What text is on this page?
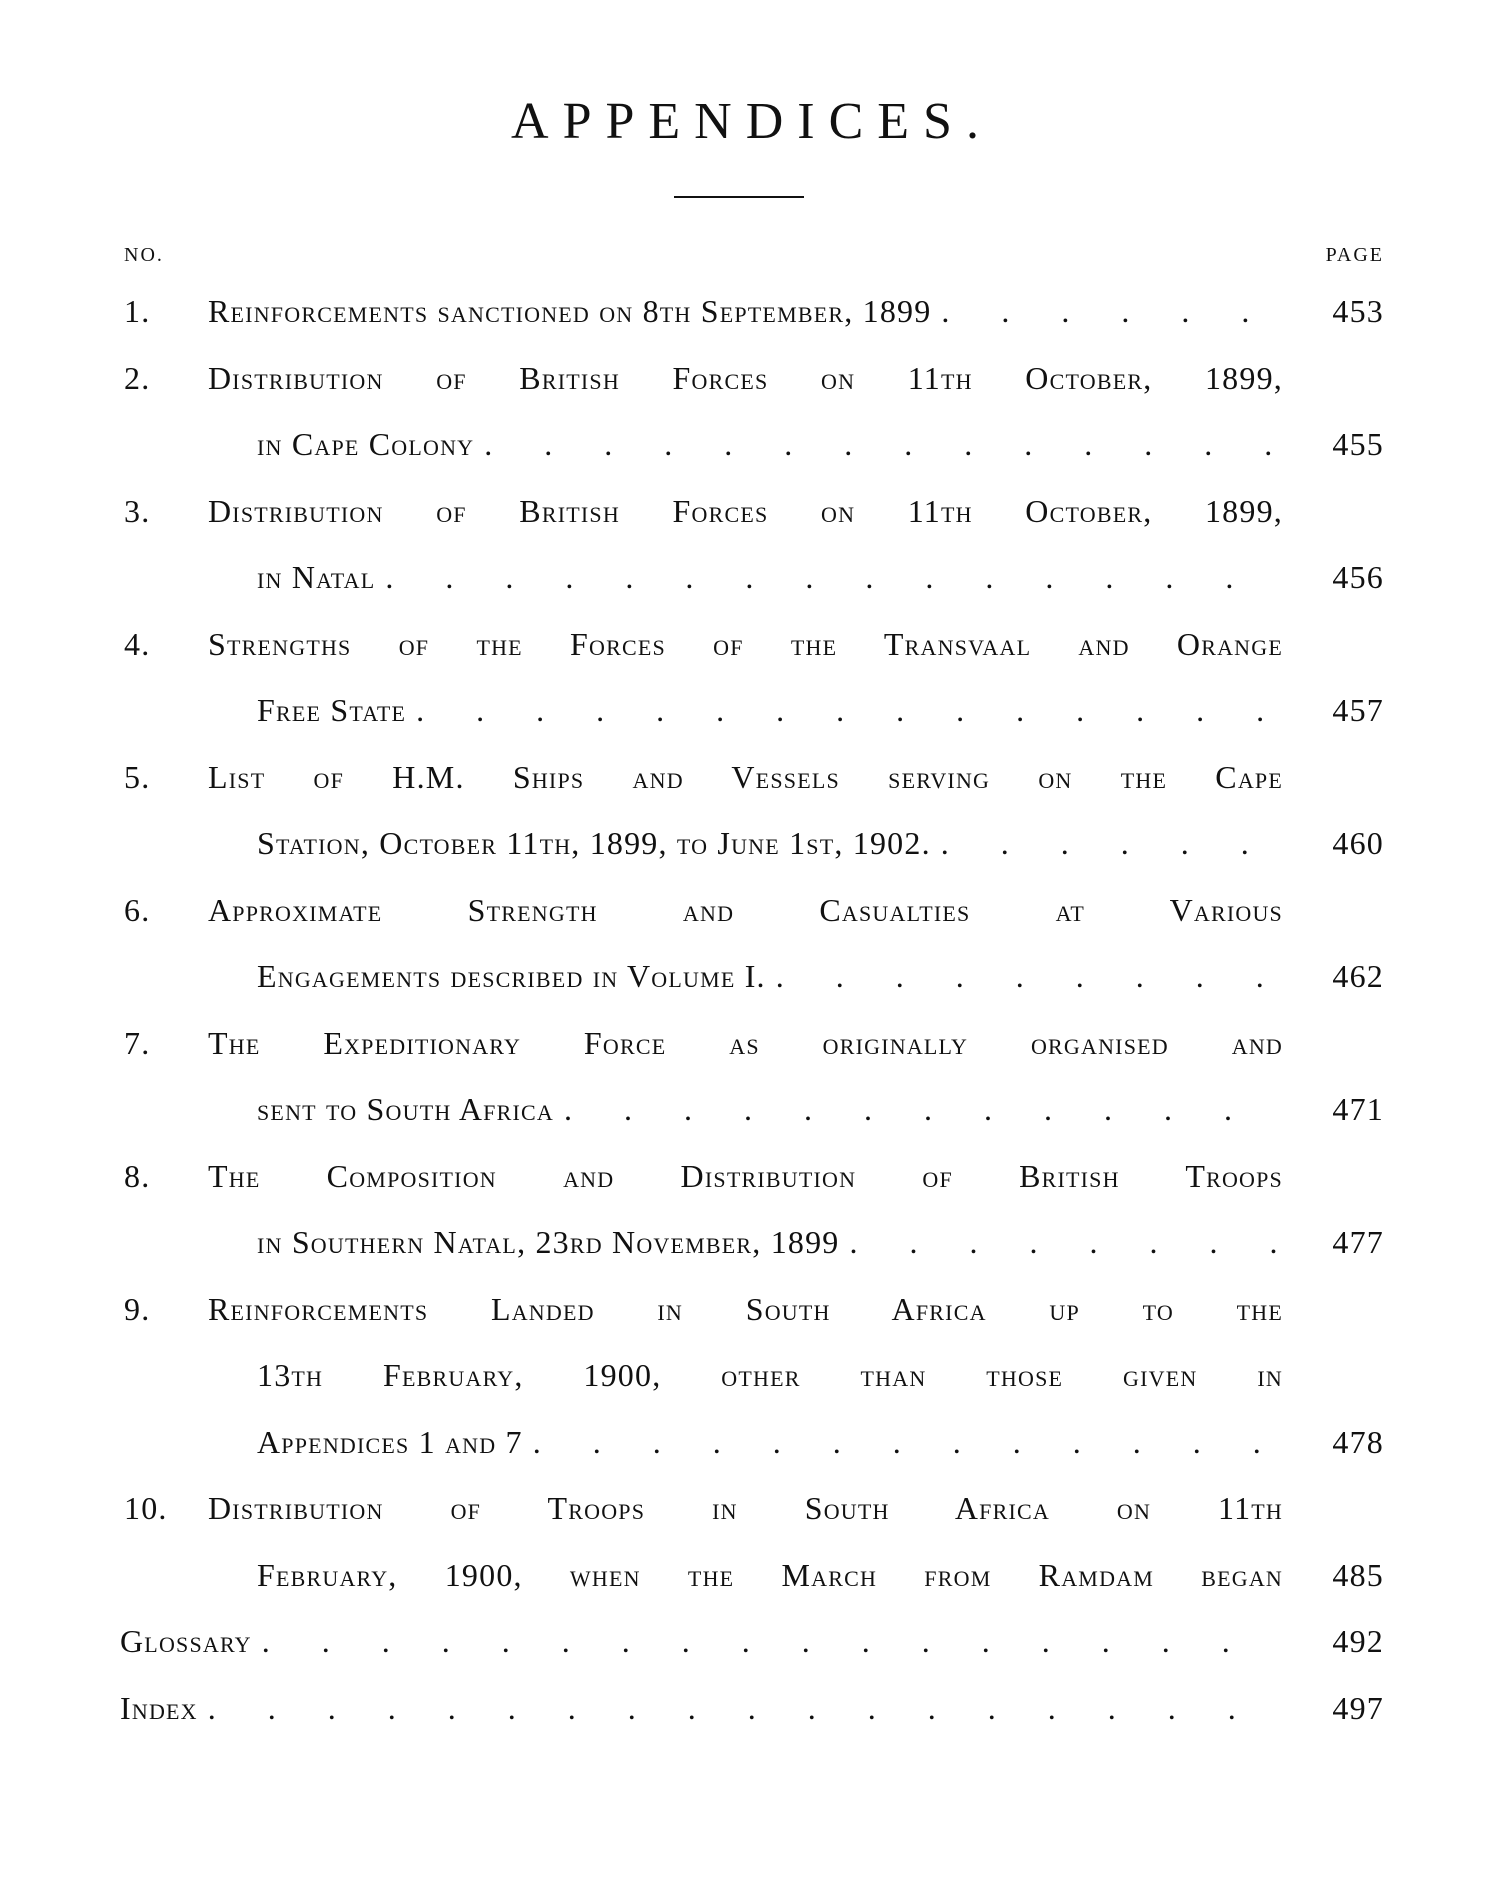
APPENDICES.
NO.	PAGE
1.	Reinforcements sanctioned on 8th September, 1899 .	453
2.	Distribution of British Forces on 11th October, 1899,
in Cape Colony .	455
3.	Distribution of British Forces on 11th October, 1899,
in Natal .	456
4.	Strengths of the Forces of the Transvaal and Orange
Free State .	457
5.	List of H.M. Ships and Vessels serving on the Cape
Station, October 11th, 1899, to June 1st, 1902. .	460
6.	Approximate Strength and Casualties at Various
Engagements described in Volume I. .	462
7.	The Expeditionary Force as originally organised and
sent to South Africa .	471
8.	The Composition and Distribution of British Troops
in Southern Natal, 23rd November, 1899 .	477
9.	Reinforcements Landed in South Africa up to the
13th February, 1900, other than those given in
Appendices 1 and 7 .	478
10.	Distribution of Troops in South Africa on 11th
February, 1900, when the March from Ramdam began 485
Glossary .	492
Index .	497
